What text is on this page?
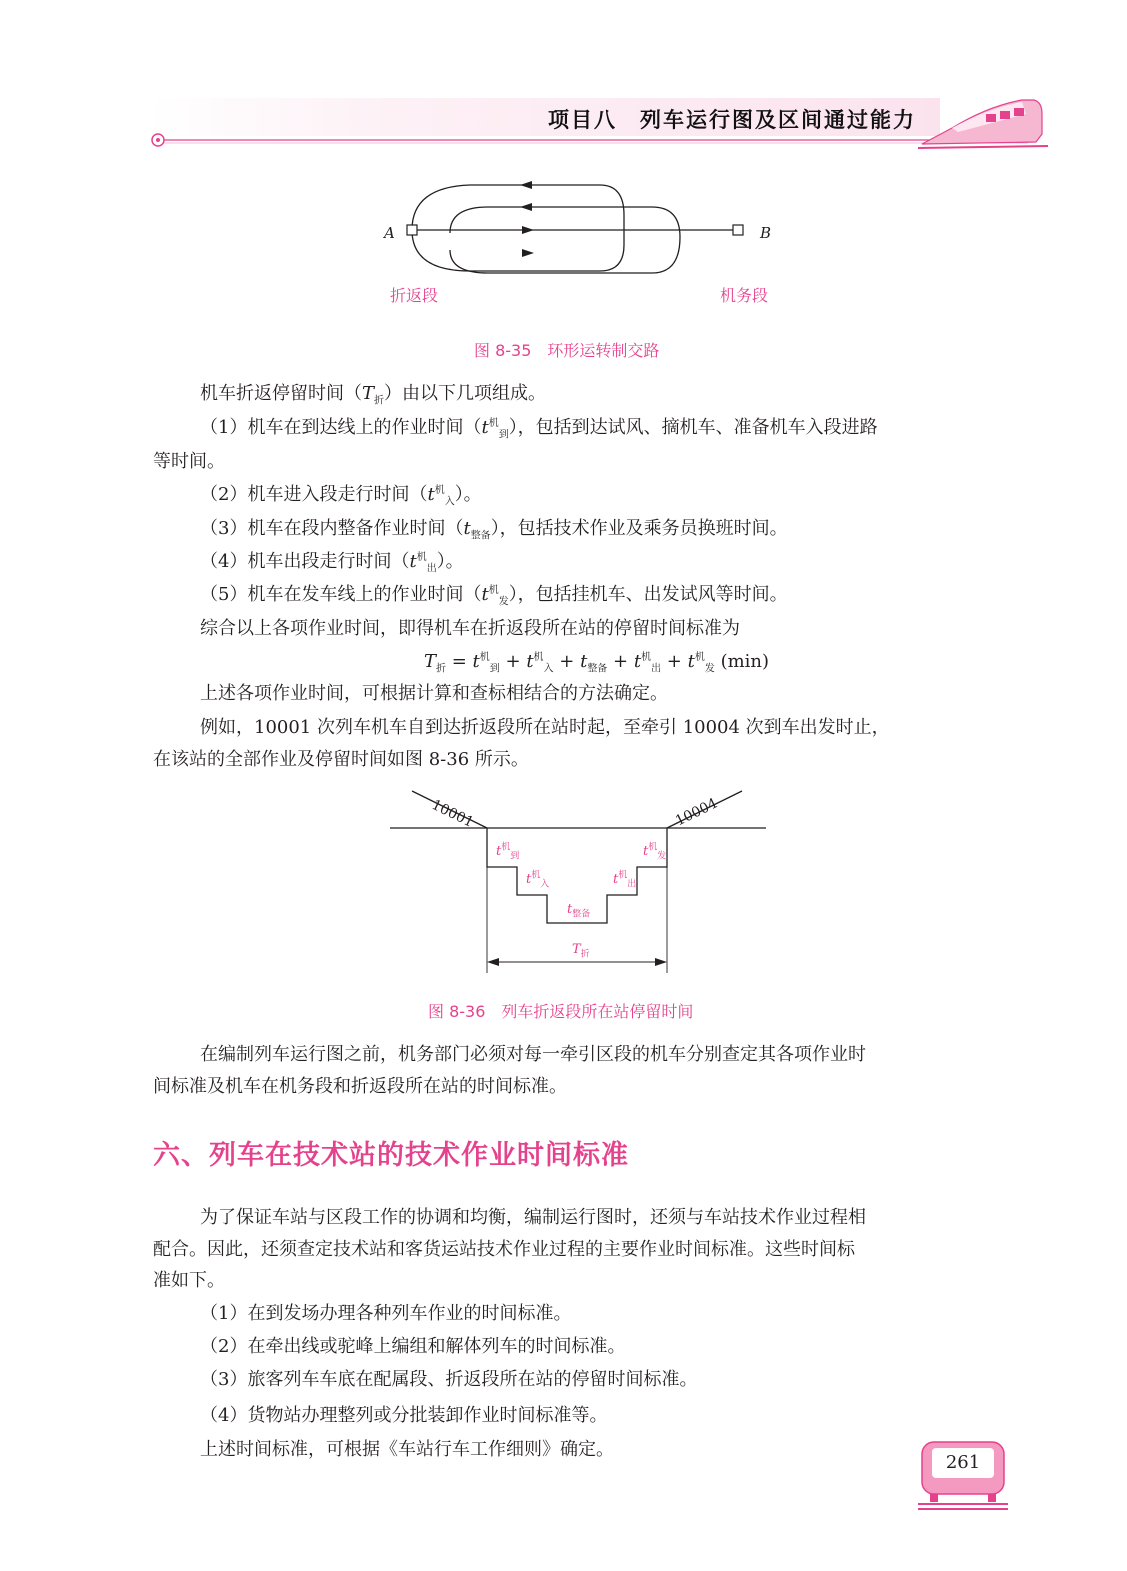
项目八　列车运行图及区间通过能力
A	B
折返段	机务段
图 8-35　环形运转制交路
机车折返停留时间$(T_折)$由以下几项组成。
（1）机车在到达线上的作业时间$(t^机_到)$，包括到达试风、摘机车、准备机车入段进路
等时间。
（2）机车进入段走行时间$(t^机_入)$。
（3）机车在段内整备作业时间$(t_{整备})$，包括技术作业及乘务员换班时间。
（4）机车出段走行时间$(t^机_出)$。
（5）机车在发车线上的作业时间$(t^机_发)$，包括挂机车、出发试风等时间。
综合以上各项作业时间，即得机车在折返段所在站的停留时间标准为
$T_折 = t^机_到 + t^机_入 + t_{整备} + t^机_出 + t^机_发$ (min)
上述各项作业时间，可根据计算和查标相结合的方法确定。
例如，10001 次列车机车自到达折返段所在站时起，至牵引 10004 次到车出发时止，
在该站的全部作业及停留时间如图 8-36 所示。
10001	10004
$t^机_到$
$t^机_入$
$t_{整备}$
$t^机_出$
$t^机_发$
$T_折$
图 8-36　列车折返段所在站停留时间
在编制列车运行图之前，机务部门必须对每一牵引区段的机车分别查定其各项作业时
间标准及机车在机务段和折返段所在站的时间标准。
六、列车在技术站的技术作业时间标准
为了保证车站与区段工作的协调和均衡，编制运行图时，还须与车站技术作业过程相
配合。因此，还须查定技术站和客货运站技术作业过程的主要作业时间标准。这些时间标
准如下。
（1）在到发场办理各种列车作业的时间标准。
（2）在牵出线或驼峰上编组和解体列车的时间标准。
（3）旅客列车车底在配属段、折返段所在站的停留时间标准。
（4）货物站办理整列或分批装卸作业时间标准等。
上述时间标准，可根据《车站行车工作细则》确定。
261
